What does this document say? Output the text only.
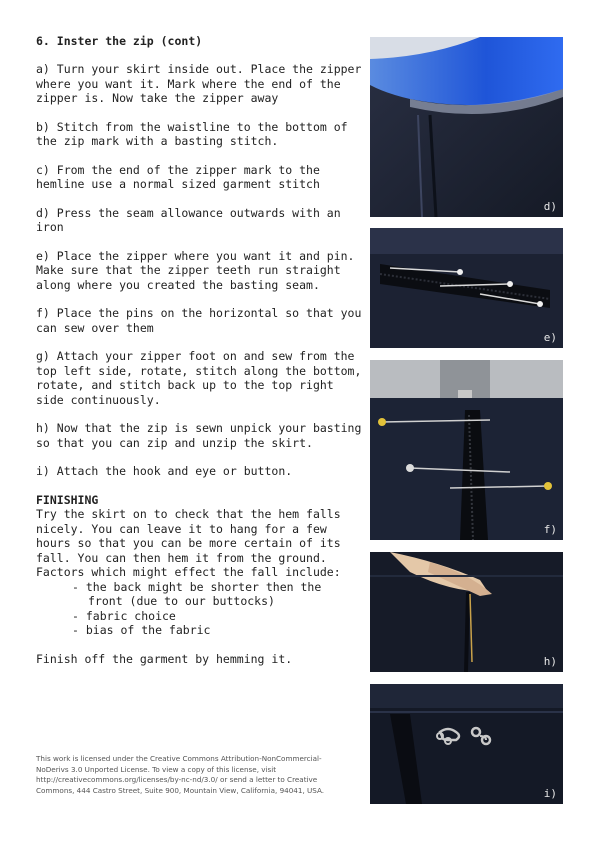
6. Inster the zip (cont)

a) Turn your skirt inside out. Place the zipper where you want it. Mark where the end of the zipper is. Now take the zipper away

b) Stitch from the waistline to the bottom of the zip mark with a basting stitch.

c) From the end of the zipper mark to the hemline use a normal sized garment stitch

d) Press the seam allowance outwards with an iron

e) Place the zipper where you want it and pin. Make sure that the zipper teeth run straight along where you created the basting seam.

f) Place the pins on the horizontal so that you can sew over them

g) Attach your zipper foot on and sew from the top left side, rotate, stitch along the bottom, rotate, and stitch back up to the top right side continuously.

h) Now that the zip is sewn unpick your basting so that you can zip and unzip the skirt.

i) Attach the hook and eye or button.

FINISHING

Try the skirt on to check that the hem falls nicely. You can leave it to hang for a few hours so that you can be more certain of its fall. You can then hem it from the ground. Factors which might effect the fall include:

- the back might be shorter then the front (due to our buttocks)
- fabric choice
- bias of the fabric

Finish off the garment by hemming it.

This work is licensed under the Creative Commons Attribution-NonCommercial-NoDerivs 3.0 Unported License. To view a copy of this license, visit http://creativecommons.org/licenses/by-nc-nd/3.0/ or send a letter to Creative Commons, 444 Castro Street, Suite 900, Mountain View, California, 94041, USA.
d)
e)
f)
h)
i)
